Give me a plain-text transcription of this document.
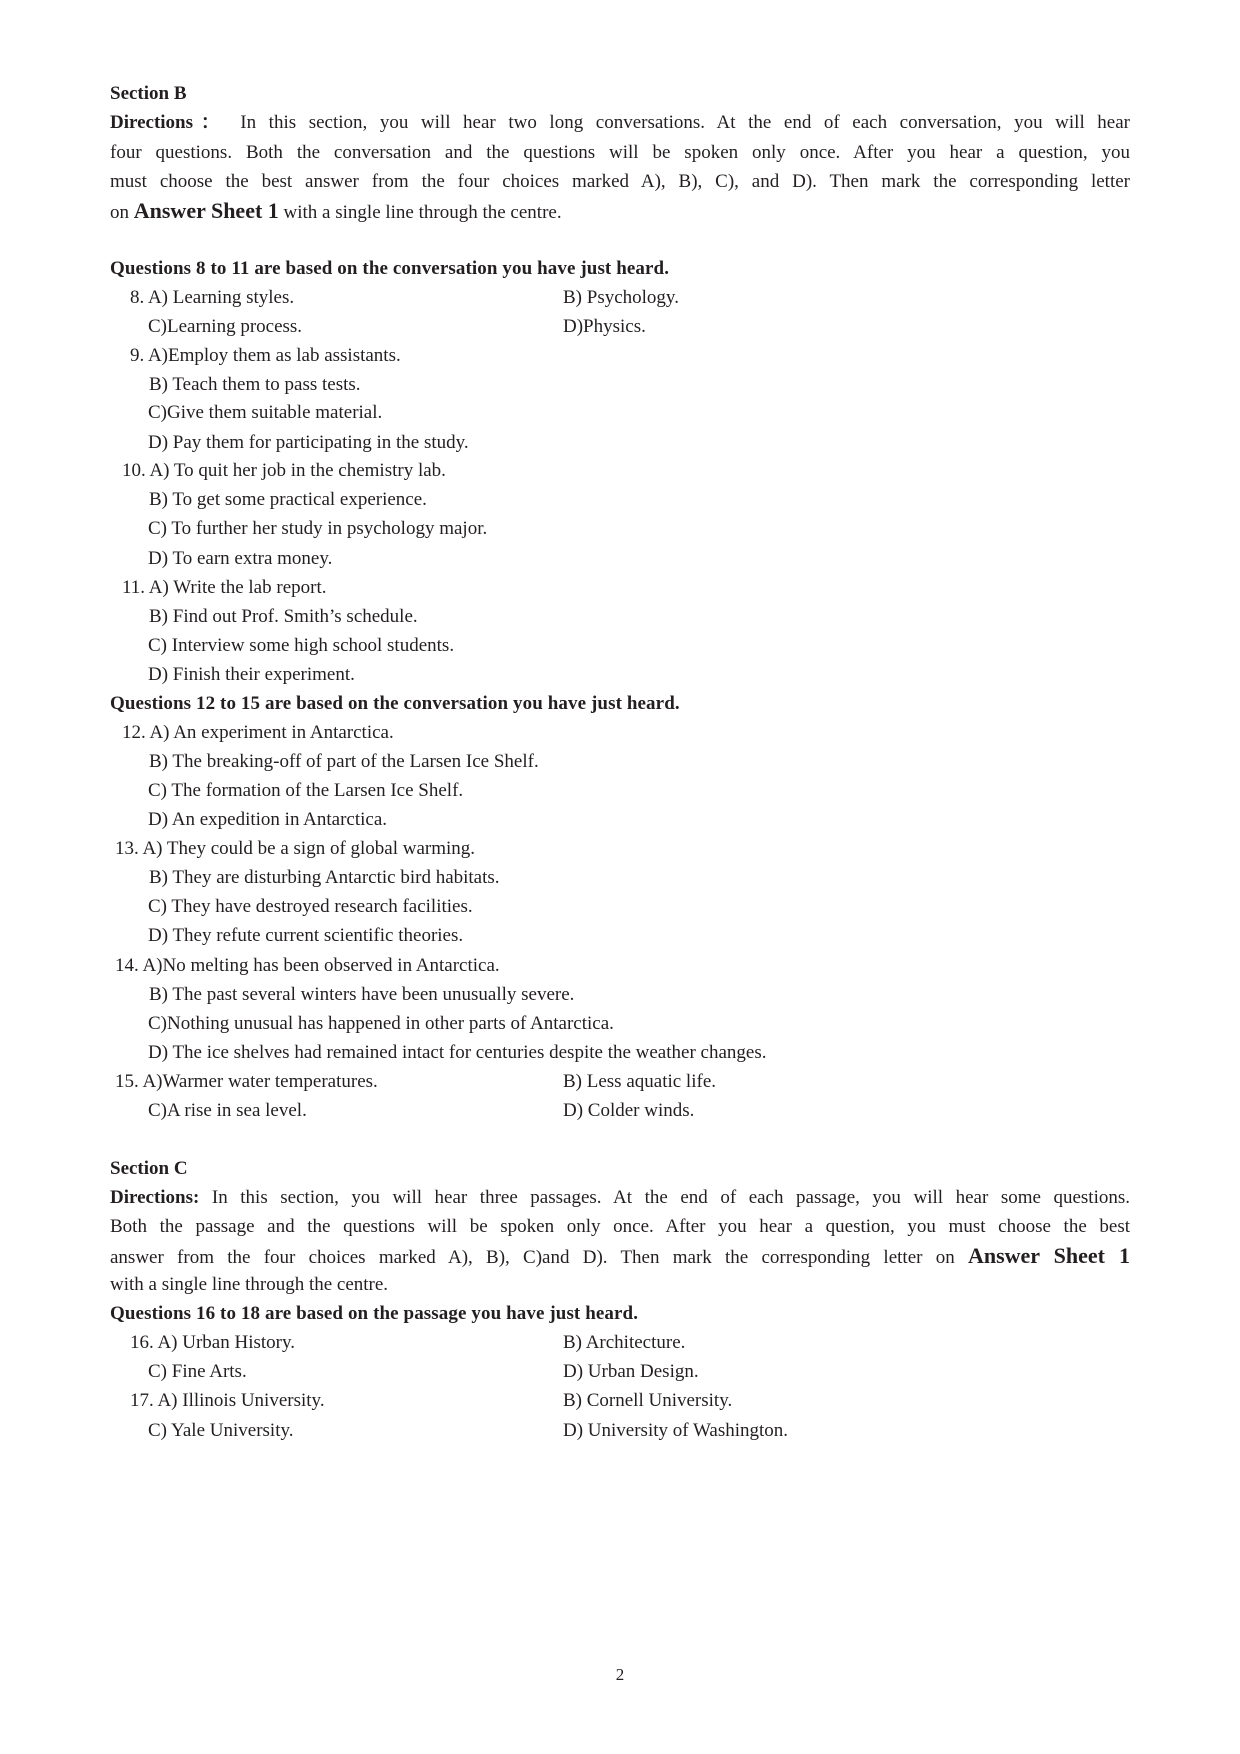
Section B
Directions： In this section, you will hear two long conversations. At the end of each conversation, you will hear
four questions. Both the conversation and the questions will be spoken only once. After you hear a question, you
must choose the best answer from the four choices marked A), B), C), and D). Then mark the corresponding letter
on Answer Sheet 1 with a single line through the centre.
Questions 8 to 11 are based on the conversation you have just heard.
8. A) Learning styles.	B) Psychology.
C)Learning process.	D)Physics.
9. A)Employ them as lab assistants.
B) Teach them to pass tests.
C)Give them suitable material.
D) Pay them for participating in the study.
10. A) To quit her job in the chemistry lab.
B) To get some practical experience.
C) To further her study in psychology major.
D) To earn extra money.
11. A) Write the lab report.
B) Find out Prof. Smith’s schedule.
C) Interview some high school students.
D) Finish their experiment.
Questions 12 to 15 are based on the conversation you have just heard.
12. A) An experiment in Antarctica.
B) The breaking-off of part of the Larsen Ice Shelf.
C) The formation of the Larsen Ice Shelf.
D) An expedition in Antarctica.
13. A) They could be a sign of global warming.
B) They are disturbing Antarctic bird habitats.
C) They have destroyed research facilities.
D) They refute current scientific theories.
14. A)No melting has been observed in Antarctica.
B) The past several winters have been unusually severe.
C)Nothing unusual has happened in other parts of Antarctica.
D) The ice shelves had remained intact for centuries despite the weather changes.
15. A)Warmer water temperatures.	B) Less aquatic life.
C)A rise in sea level.	D) Colder winds.
Section C
Directions: In this section, you will hear three passages. At the end of each passage, you will hear some questions.
Both the passage and the questions will be spoken only once. After you hear a question, you must choose the best
answer from the four choices marked A), B), C)and D). Then mark the corresponding letter on Answer Sheet 1
with a single line through the centre.
Questions 16 to 18 are based on the passage you have just heard.
16. A) Urban History.	B) Architecture.
C) Fine Arts.	D) Urban Design.
17. A) Illinois University.	B) Cornell University.
C) Yale University.	D) University of Washington.
2
